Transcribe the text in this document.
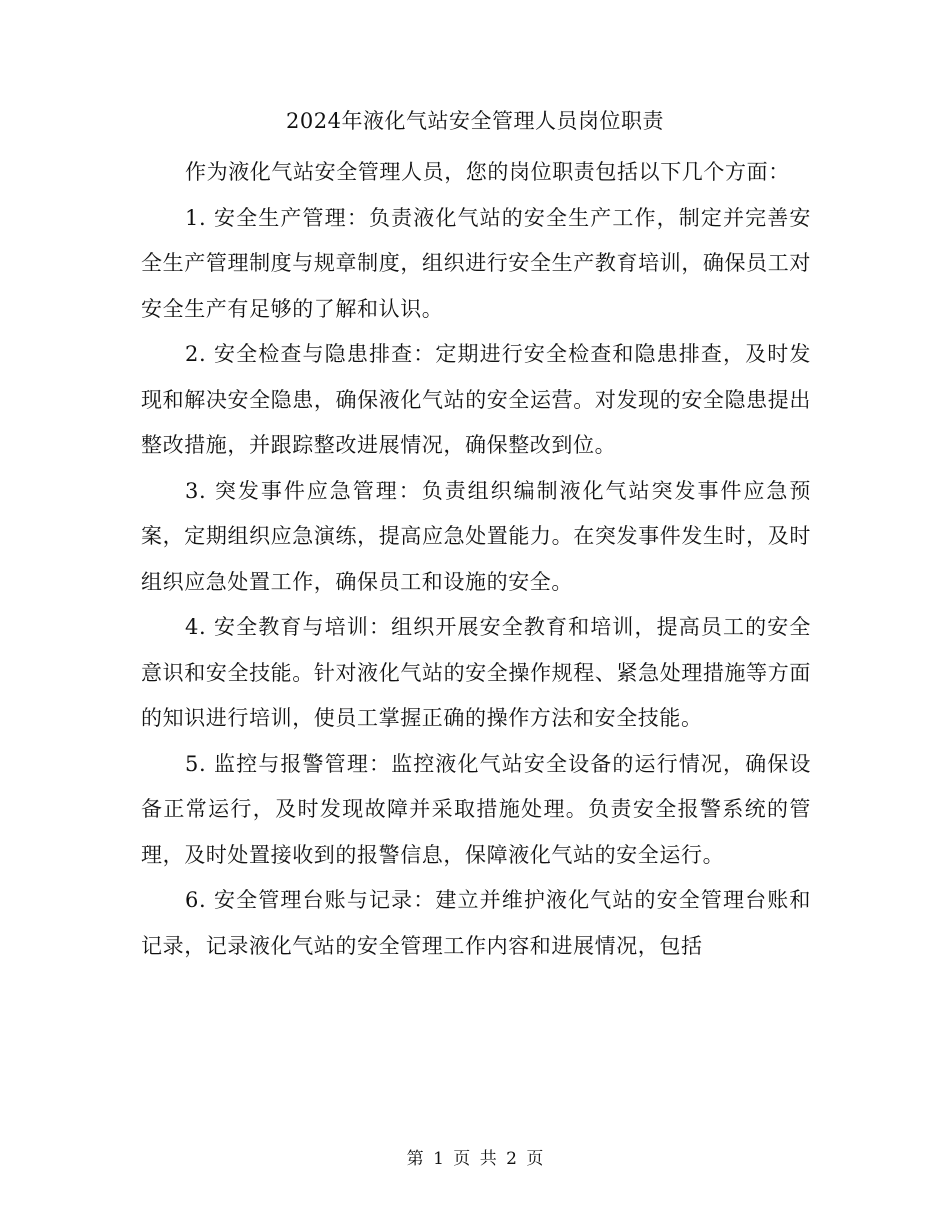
2024年液化气站安全管理人员岗位职责

作为液化气站安全管理人员，您的岗位职责包括以下几个方面：

1. 安全生产管理：负责液化气站的安全生产工作，制定并完善安全生产管理制度与规章制度，组织进行安全生产教育培训，确保员工对安全生产有足够的了解和认识。

2. 安全检查与隐患排查：定期进行安全检查和隐患排查，及时发现和解决安全隐患，确保液化气站的安全运营。对发现的安全隐患提出整改措施，并跟踪整改进展情况，确保整改到位。

3. 突发事件应急管理：负责组织编制液化气站突发事件应急预案，定期组织应急演练，提高应急处置能力。在突发事件发生时，及时组织应急处置工作，确保员工和设施的安全。

4. 安全教育与培训：组织开展安全教育和培训，提高员工的安全意识和安全技能。针对液化气站的安全操作规程、紧急处理措施等方面的知识进行培训，使员工掌握正确的操作方法和安全技能。

5. 监控与报警管理：监控液化气站安全设备的运行情况，确保设备正常运行，及时发现故障并采取措施处理。负责安全报警系统的管理，及时处置接收到的报警信息，保障液化气站的安全运行。

6. 安全管理台账与记录：建立并维护液化气站的安全管理台账和记录，记录液化气站的安全管理工作内容和进展情况，包括

第 1 页 共 2 页
